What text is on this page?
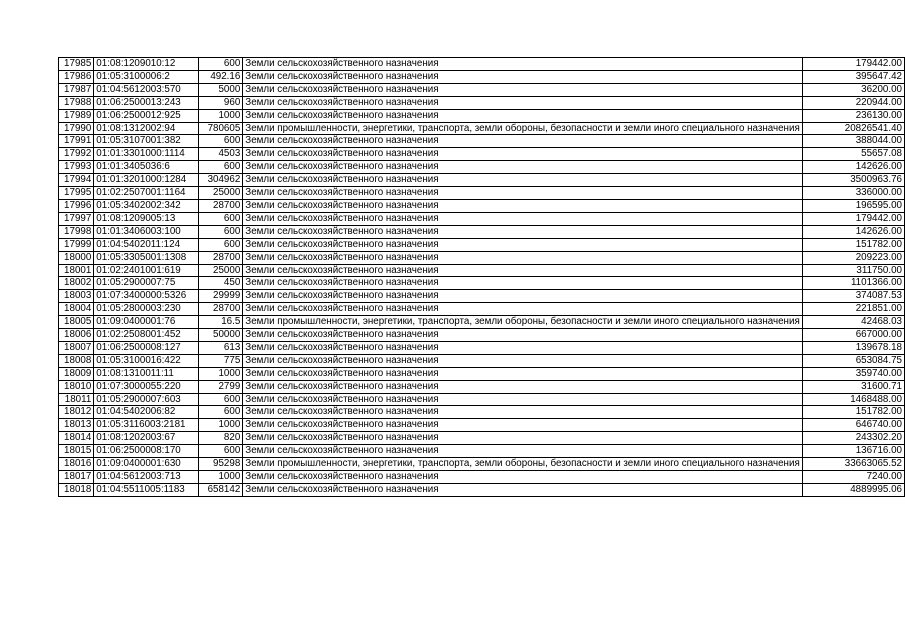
17985	01:08:1209010:12	600	Земли сельскохозяйственного назначения	179442.00
17986	01:05:3100006:2	492.16	Земли сельскохозяйственного назначения	395647.42
17987	01:04:5612003:570	5000	Земли сельскохозяйственного назначения	36200.00
17988	01:06:2500013:243	960	Земли сельскохозяйственного назначения	220944.00
17989	01:06:2500012:925	1000	Земли сельскохозяйственного назначения	236130.00
17990	01:08:1312002:94	780605	Земли промышленности, энергетики, транспорта, земли обороны, безопасности и земли иного специального назначения	20826541.40
17991	01:05:3107001:382	600	Земли сельскохозяйственного назначения	388044.00
17992	01:01:3301000:1114	4503	Земли сельскохозяйственного назначения	55657.08
17993	01:01:3405036:6	600	Земли сельскохозяйственного назначения	142626.00
17994	01:01:3201000:1284	304962	Земли сельскохозяйственного назначения	3500963.76
17995	01:02:2507001:1164	25000	Земли сельскохозяйственного назначения	336000.00
17996	01:05:3402002:342	28700	Земли сельскохозяйственного назначения	196595.00
17997	01:08:1209005:13	600	Земли сельскохозяйственного назначения	179442.00
17998	01:01:3406003:100	600	Земли сельскохозяйственного назначения	142626.00
17999	01:04:5402011:124	600	Земли сельскохозяйственного назначения	151782.00
18000	01:05:3305001:1308	28700	Земли сельскохозяйственного назначения	209223.00
18001	01:02:2401001:619	25000	Земли сельскохозяйственного назначения	311750.00
18002	01:05:2900007:75	450	Земли сельскохозяйственного назначения	1101366.00
18003	01:07:3400000:5326	29999	Земли сельскохозяйственного назначения	374087.53
18004	01:05:2800003:230	28700	Земли сельскохозяйственного назначения	221851.00
18005	01:09:0400001:76	16.5	Земли промышленности, энергетики, транспорта, земли обороны, безопасности и земли иного специального назначения	42468.03
18006	01:02:2508001:452	50000	Земли сельскохозяйственного назначения	667000.00
18007	01:06:2500008:127	613	Земли сельскохозяйственного назначения	139678.18
18008	01:05:3100016:422	775	Земли сельскохозяйственного назначения	653084.75
18009	01:08:1310011:11	1000	Земли сельскохозяйственного назначения	359740.00
18010	01:07:3000055:220	2799	Земли сельскохозяйственного назначения	31600.71
18011	01:05:2900007:603	600	Земли сельскохозяйственного назначения	1468488.00
18012	01:04:5402006:82	600	Земли сельскохозяйственного назначения	151782.00
18013	01:05:3116003:2181	1000	Земли сельскохозяйственного назначения	646740.00
18014	01:08:1202003:67	820	Земли сельскохозяйственного назначения	243302.20
18015	01:06:2500008:170	600	Земли сельскохозяйственного назначения	136716.00
18016	01:09:0400001:630	95298	Земли промышленности, энергетики, транспорта, земли обороны, безопасности и земли иного специального назначения	33663065.52
18017	01:04:5612003:713	1000	Земли сельскохозяйственного назначения	7240.00
18018	01:04:5511005:1183	658142	Земли сельскохозяйственного назначения	4889995.06
